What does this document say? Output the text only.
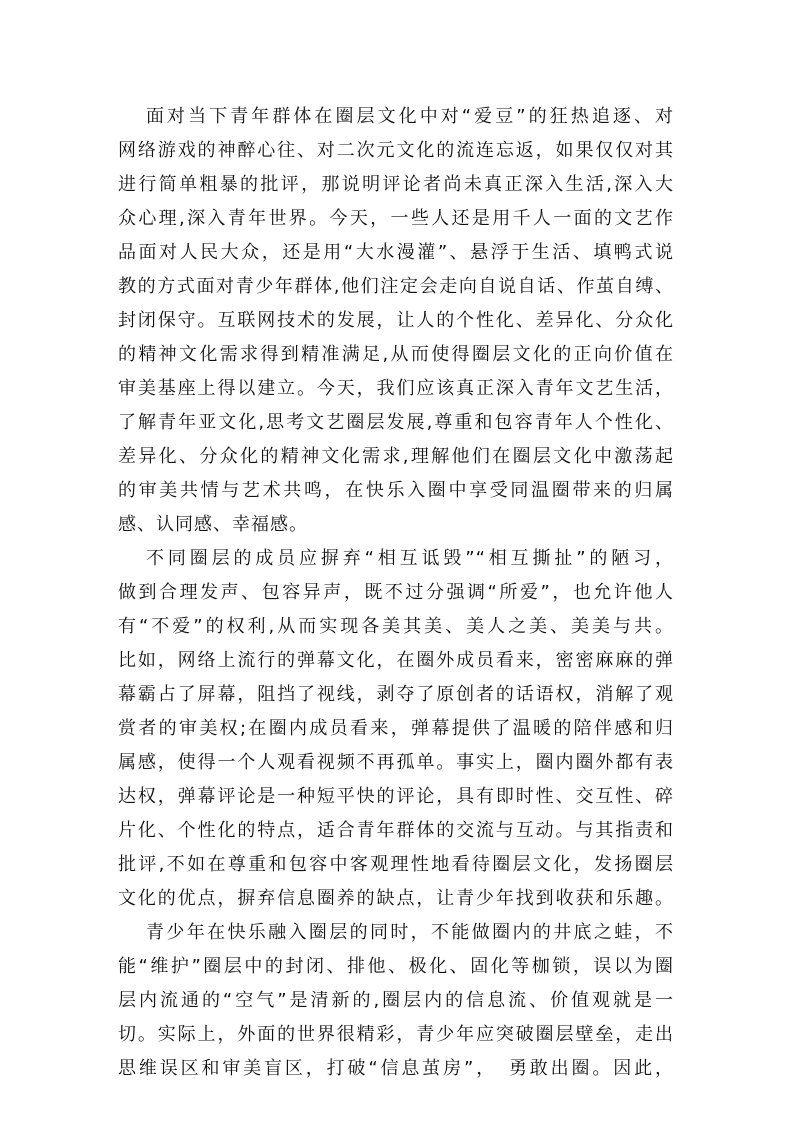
面对当下青年群体在圈层文化中对“爱豆”的狂热追逐、对
网络游戏的神醉心往、对二次元文化的流连忘返，如果仅仅对其
进行简单粗暴的批评，那说明评论者尚未真正深入生活,深入大
众心理,深入青年世界。今天，一些人还是用千人一面的文艺作
品面对人民大众，还是用“大水漫灌”、悬浮于生活、填鸭式说
教的方式面对青少年群体,他们注定会走向自说自话、作茧自缚、
封闭保守。互联网技术的发展，让人的个性化、差异化、分众化
的精神文化需求得到精准满足,从而使得圈层文化的正向价值在
审美基座上得以建立。今天，我们应该真正深入青年文艺生活，
了解青年亚文化,思考文艺圈层发展,尊重和包容青年人个性化、
差异化、分众化的精神文化需求,理解他们在圈层文化中激荡起
的审美共情与艺术共鸣，在快乐入圈中享受同温圈带来的归属
感、认同感、幸福感。
不同圈层的成员应摒弃“相互诋毁”“相互撕扯”的陋习，
做到合理发声、包容异声，既不过分强调“所爱”，也允许他人
有“不爱”的权利,从而实现各美其美、美人之美、美美与共。
比如，网络上流行的弹幕文化，在圈外成员看来，密密麻麻的弹
幕霸占了屏幕，阻挡了视线，剥夺了原创者的话语权，消解了观
赏者的审美权;在圈内成员看来，弹幕提供了温暖的陪伴感和归
属感，使得一个人观看视频不再孤单。事实上，圈内圈外都有表
达权，弹幕评论是一种短平快的评论，具有即时性、交互性、碎
片化、个性化的特点，适合青年群体的交流与互动。与其指责和
批评,不如在尊重和包容中客观理性地看待圈层文化，发扬圈层
文化的优点，摒弃信息圈养的缺点，让青少年找到收获和乐趣。
青少年在快乐融入圈层的同时，不能做圈内的井底之蛙，不
能“维护”圈层中的封闭、排他、极化、固化等枷锁，误以为圈
层内流通的“空气”是清新的,圈层内的信息流、价值观就是一
切。实际上，外面的世界很精彩，青少年应突破圈层壁垒，走出
思维误区和审美盲区，打破“信息茧房”，　勇敢出圈。因此，
